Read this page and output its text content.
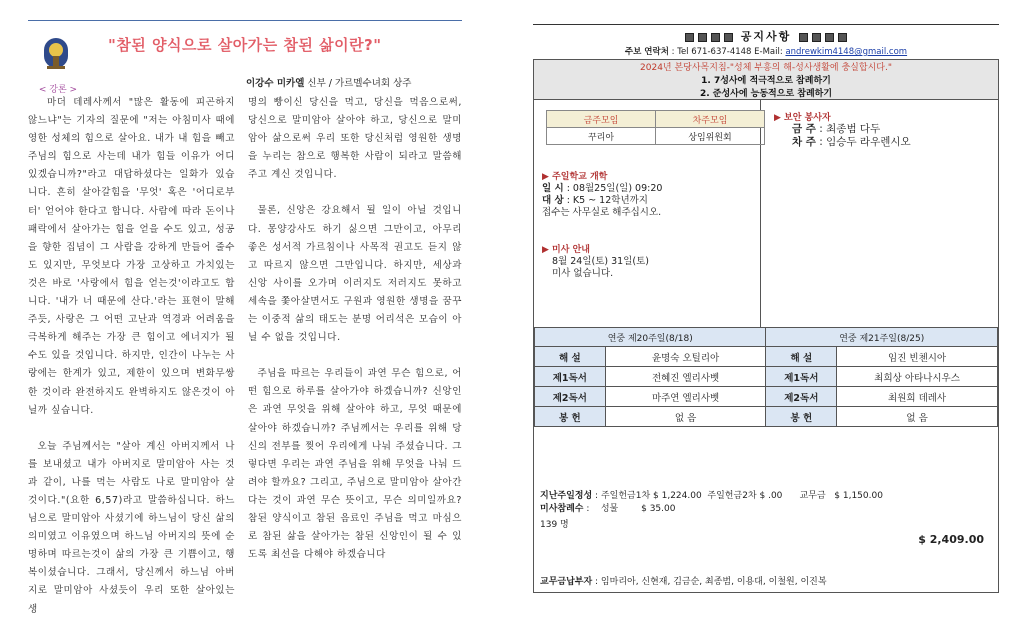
< 강론 >
"참된 양식으로 살아가는 참된 삶이란?"
이강수 미카엘 신부 / 가르멜수녀회 상주

마더 데레사께서 "많은 활동에 피곤하지 않느냐"는 기자의 질문에 "저는 아침미사 때에 영한 성체의 힘으로 살아요. 내가 내 힘을 빼고 주님의 힘으로 사는데 내가 힘들 이유가 어디 있겠습니까?"라고 대답하셨다는 일화가 있습니다. 흔히 살아갈힘을 '무엇' 혹은 '어디로부터' 얻어야 한다고 합니다. 사람에 따라 돈이나 패락에서 살아가는 힘을 얻을 수도 있고, 성공을 향한 집념이 그 사람을 강하게 만들어 줄수도 있지만, 무엇보다 가장 고상하고 가치있는 것은 바로 '사랑에서 힘을 얻는것'이라고도 합니다. '내가 너 때문에 산다.'라는 표현이 말해 주듯, 사랑은 그 어떤 고난과 역경과 어려움을 극복하게 해주는 가장 큰 힘이고 에너지가 될 수도 있을 것입니다. 하지만, 인간이 나누는 사랑에는 한계가 있고, 제한이 있으며 변화무쌍한 것이라 완전하지도 완벽하지도 않은것이 아닐까 싶습니다.

오늘 주님께서는 "살아 계신 아버지께서 나를 보내셨고 내가 아버지로 말미암아 사는 것과 같이, 나를 먹는 사람도 나로 말미암아 살 것이다."(요한 6,57)라고 말씀하십니다. 하느님으로 말미암아 사셨기에 하느님이 당신 삶의 의미였고 이유였으며 하느님 아버지의 뜻에 순명하며 따르는것이 삶의 가장 큰 기쁨이고, 행복이셨습니다. 그래서, 당신께서 하느님 아버지로 말미암아 사셨듯이 우리 또한 살아있는 생

명의 빵이신 당신을 먹고, 당신을 먹음으로써, 당신으로 말미암아 살아야 하고, 당신으로 말미암아 삶으로써 우리 또한 당신처럼 영원한 생명을 누리는 참으로 행복한 사람이 되라고 말씀해 주고 계신 것입니다.

물론, 신앙은 강요해서 될 일이 아닐 것입니다. 몽양강사도 하기 싫으면 그만이고, 아무리 좋은 성서적 가르침이나 사목적 권고도 듣지 않고 따르지 않으면 그만입니다. 하지만, 세상과 신앙 사이를 오가며 이러지도 저러지도 못하고 세속을 쫓아살면서도 구원과 영원한 생명을 꿈꾸는 이중적 삶의 태도는 분명 어리석은 모습이 아닐 수 없을 것입니다.

주님을 따르는 우리들이 과연 무슨 힘으로, 어떤 힘으로 하루를 살아가야 하겠습니까? 신앙인은 과연 무엇을 위해 살아야 하고, 무엇 때문에 살아야 하겠습니까? 주님께서는 우리를 위해 당신의 전부를 찢어 우리에게 나눠 주셨습니다. 그렇다면 우리는 과연 주님을 위해 무엇을 나눠 드려야 할까요? 그리고, 주님으로 말미암아 살아간다는 것이 과연 무슨 뜻이고, 무슨 의미일까요? 참된 양식이고 참된 음료인 주님을 먹고 마심으로 참된 삶을 살아가는 참된 신앙인이 될 수 있도록 최선을 다해야 하겠습니다

공지사항
주보 연락처 : Tel 671-637-4148 E-Mail: andrewkim4148@gmail.com
2024년 본당사목지침-"성체 부흥의 해-성사생활에 충실합시다."
1. 7성사에 적극적으로 참례하기
2. 준성사에 능동적으로 참례하기
금주모임	차주모임
꾸리아	상임위원회
▶ 주일학교 개학
일 시 : 08월25일(일) 09:20
대 상 : K5 ~ 12학년까지
접수는 사무실로 해주십시오.
▶ 미사 안내
8월 24일(토) 31일(토)
미사 없습니다.
▶ 보안 봉사자
금 주 : 최종범 다두
차 주 : 임승두 라우렌시오
연중 제20주일(8/18)		연중 제21주일(8/25)	
해 설	윤명숙 오틸리아	해 설	임진 빈첸시아
제1독서	전혜진 엘리사벳	제1독서	최희상 아타나시우스
제2독서	마주연 엘리사벳	제2독서	최원희 데레사
봉 헌	없 음	봉 헌	없 음
지난주일정성 : 주일헌금1차 $ 1,224.00 주일헌금2차 $ .00 교무금 $ 1,150.00
미사참례수 :    성물	$ 35.00
139 명
$ 2,409.00
교무금납부자 : 임마리아, 신현재, 김금순, 최종범, 이용대, 이철원, 이진복
